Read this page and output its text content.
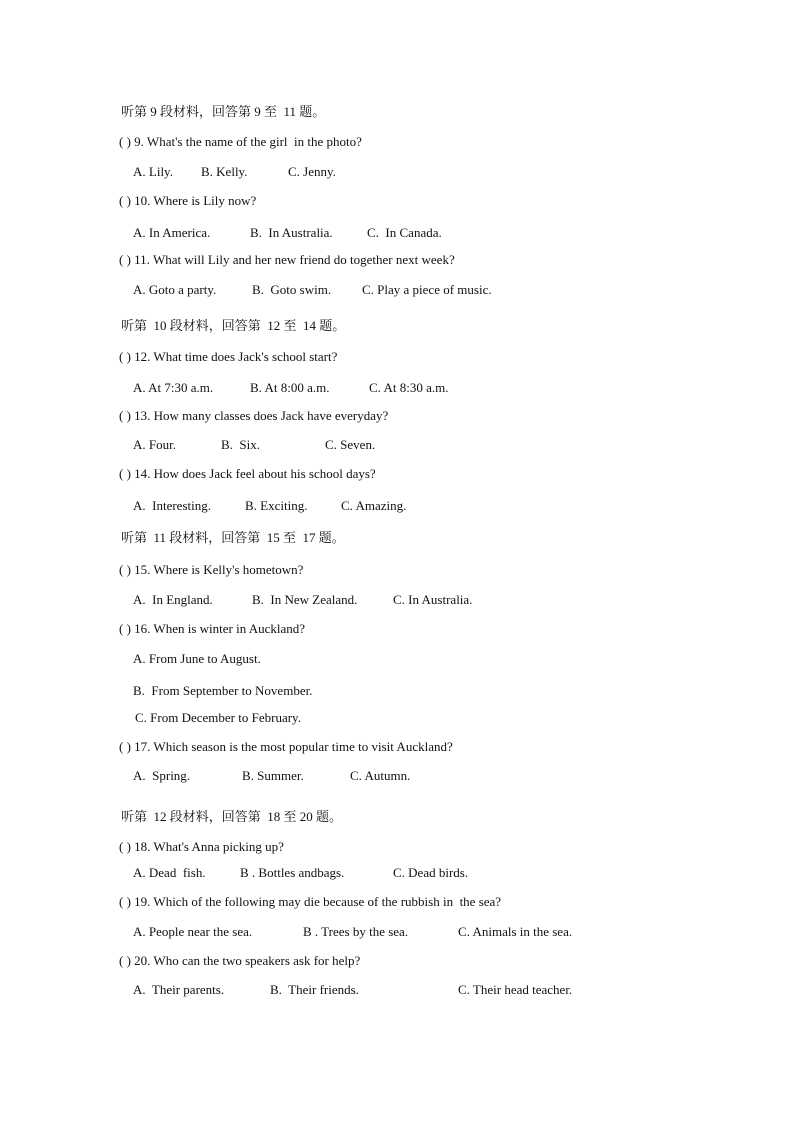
听第 9 段材料，回答第 9 至  11 题。
( ) 9. What's the name of the girl  in the photo?
A. Lily. B. Kelly.	C. Jenny.
( ) 10. Where is Lily now?
A. In America.	B.  In Australia.	C.  In Canada.
( ) 11. What will Lily and her new friend do together next week?
A. Goto a party.	B.  Goto swim. C. Play a piece of music.
听第  10 段材料，回答第  12 至  14 题。
( ) 12. What time does Jack's school start?
A. At 7:30 a.m.	B. At 8:00 a.m.	C. At 8:30 a.m.
( ) 13. How many classes does Jack have everyday?
A. Four.	B.  Six.	C. Seven.
( ) 14. How does Jack feel about his school days?
A.  Interesting.	B. Exciting.	C. Amazing.
听第  11 段材料，回答第  15 至  17 题。
( ) 15. Where is Kelly's hometown?
A.  In England.	B.  In New Zealand.	C. In Australia.
( ) 16. When is winter in Auckland?
A. From June to August.
B.  From September to November.
C. From December to February.
( ) 17. Which season is the most popular time to visit Auckland?
A.  Spring.	B. Summer.	C. Autumn.
听第  12 段材料，回答第  18 至 20 题。
( ) 18. What's Anna picking up?
A. Dead  fish.	B . Bottles andbags.	C. Dead birds.
( ) 19. Which of the following may die because of the rubbish in  the sea?
A. People near the sea.	B . Trees by the sea.	C. Animals in the sea.
( ) 20. Who can the two speakers ask for help?
A.  Their parents.	B.  Their friends.	C. Their head teacher.
